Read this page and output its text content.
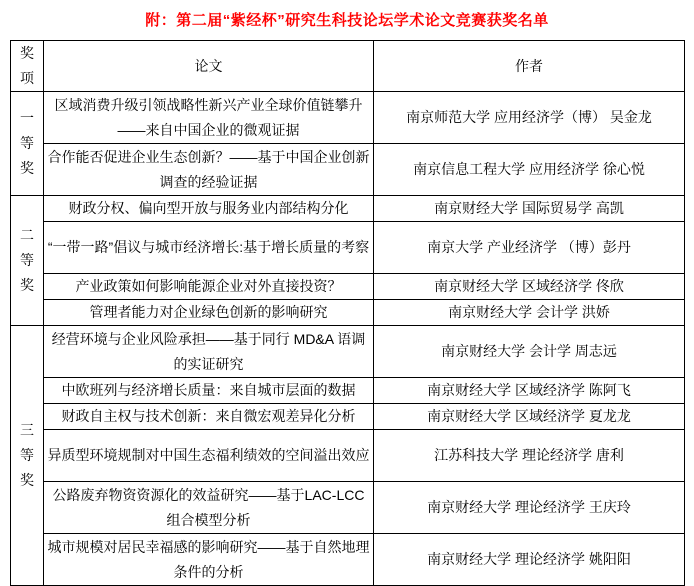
附：第二届“紫经杯”研究生科技论坛学术论文竞赛获奖名单
奖项	论文	作者
一等奖	区域消费升级引领战略性新兴产业全球价值链攀升——来自中国企业的微观证据	南京师范大学 应用经济学（博） 吴金龙
	合作能否促进企业生态创新？——基于中国企业创新调查的经验证据	南京信息工程大学 应用经济学 徐心悦
二等奖	财政分权、偏向型开放与服务业内部结构分化	南京财经大学 国际贸易学 高凯
	“一带一路”倡议与城市经济增长:基于增长质量的考察	南京大学 产业经济学 （博）彭丹
	产业政策如何影响能源企业对外直接投资？	南京财经大学 区域经济学 佟欣
	管理者能力对企业绿色创新的影响研究	南京财经大学 会计学 洪娇
三等奖	经营环境与企业风险承担——基于同行 MD&A 语调的实证研究	南京财经大学 会计学 周志远
	中欧班列与经济增长质量：来自城市层面的数据	南京财经大学 区域经济学 陈阿飞
	财政自主权与技术创新：来自微宏观差异化分析	南京财经大学 区域经济学 夏龙龙
	异质型环境规制对中国生态福利绩效的空间溢出效应	江苏科技大学 理论经济学 唐利
	公路废弃物资资源化的效益研究——基于LAC-LCC组合模型分析	南京财经大学 理论经济学 王庆玲
	城市规模对居民幸福感的影响研究——基于自然地理条件的分析	南京财经大学 理论经济学 姚阳阳
